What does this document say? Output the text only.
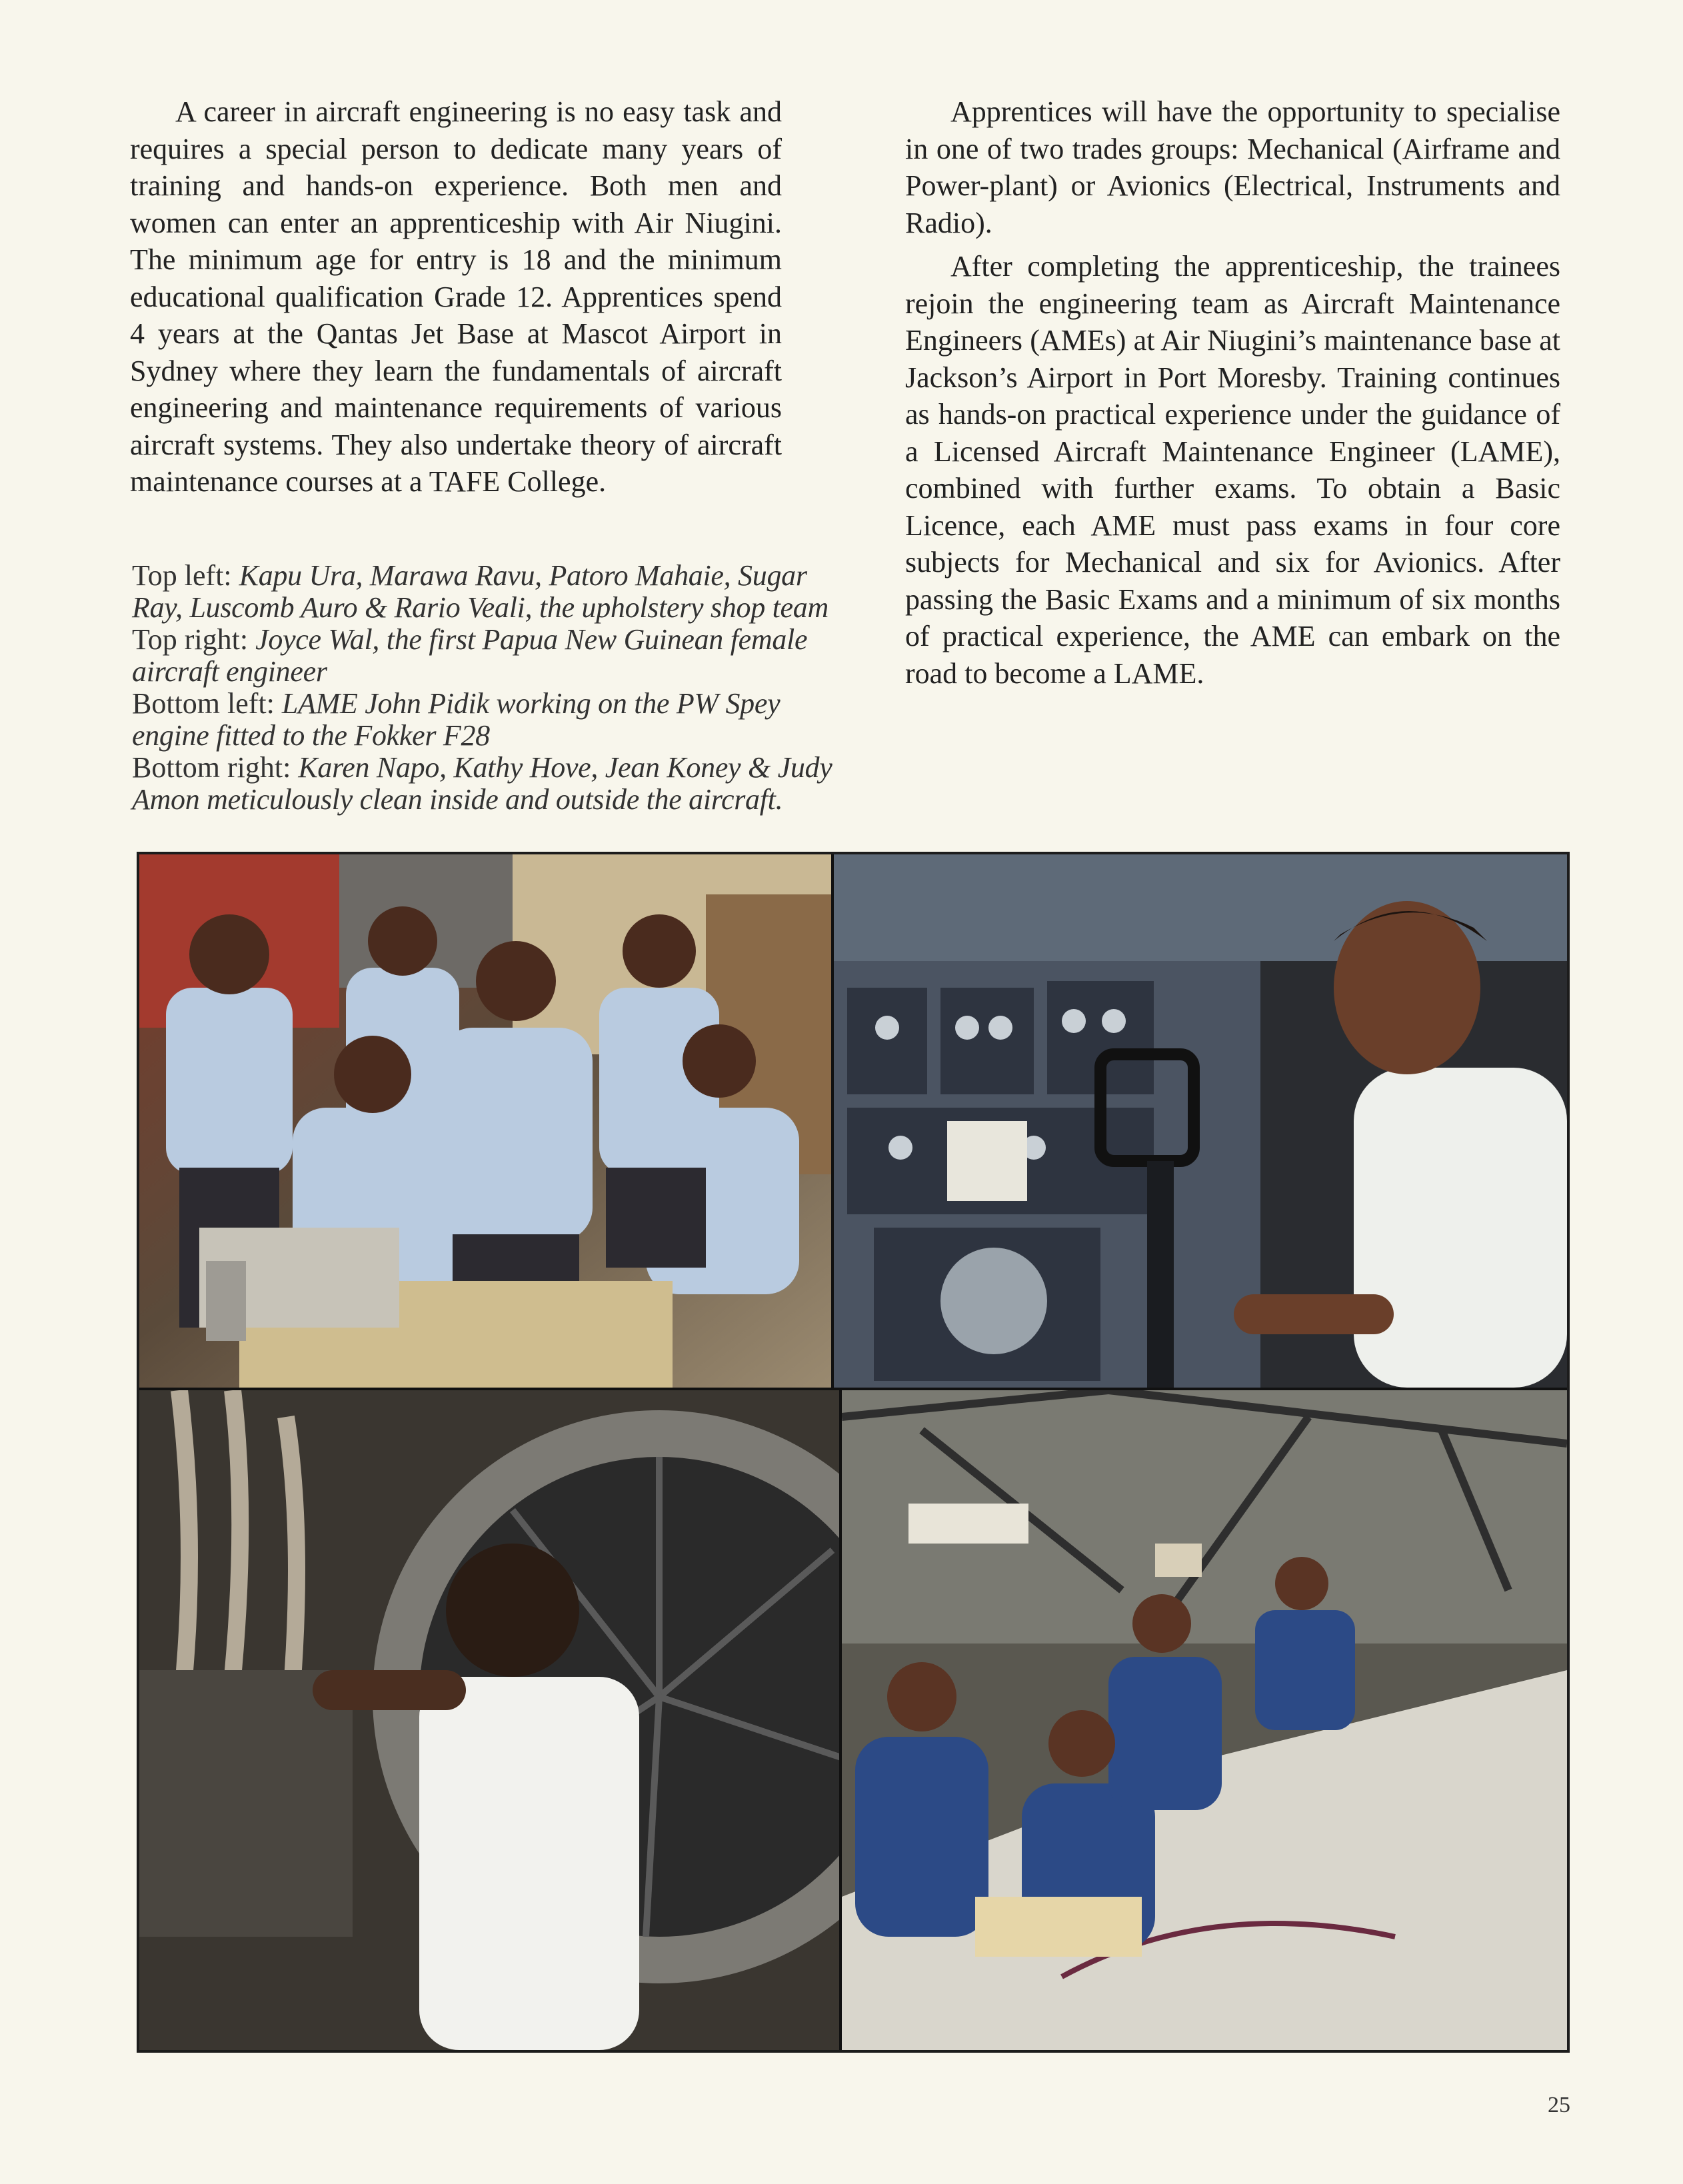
A career in aircraft engineering is no easy task and requires a special person to dedicate many years of training and hands-on experience. Both men and women can enter an apprenticeship with Air Niugini. The minimum age for entry is 18 and the minimum educational qualification Grade 12. Apprentices spend 4 years at the Qantas Jet Base at Mascot Airport in Sydney where they learn the fundamentals of aircraft engineering and maintenance requirements of various aircraft systems. They also undertake theory of aircraft maintenance courses at a TAFE College.

Apprentices will have the opportunity to specialise in one of two trades groups: Mechanical (Airframe and Power-plant) or Avionics (Electrical, Instruments and Radio).

After completing the apprenticeship, the trainees rejoin the engineering team as Aircraft Maintenance Engineers (AMEs) at Air Niugini’s maintenance base at Jackson’s Airport in Port Moresby. Training continues as hands-on practical experience under the guidance of a Licensed Aircraft Maintenance Engineer (LAME), combined with further exams. To obtain a Basic Licence, each AME must pass exams in four core subjects for Mechanical and six for Avionics. After passing the Basic Exams and a minimum of six months of practical experience, the AME can embark on the road to become a LAME.

Top left: Kapu Ura, Marawa Ravu, Patoro Mahaie, Sugar Ray, Luscomb Auro & Rario Veali, the upholstery shop team

Top right: Joyce Wal, the first Papua New Guinean female aircraft engineer

Bottom left: LAME John Pidik working on the PW Spey engine fitted to the Fokker F28

Bottom right: Karen Napo, Kathy Hove, Jean Koney & Judy Amon meticulously clean inside and outside the aircraft.

25
